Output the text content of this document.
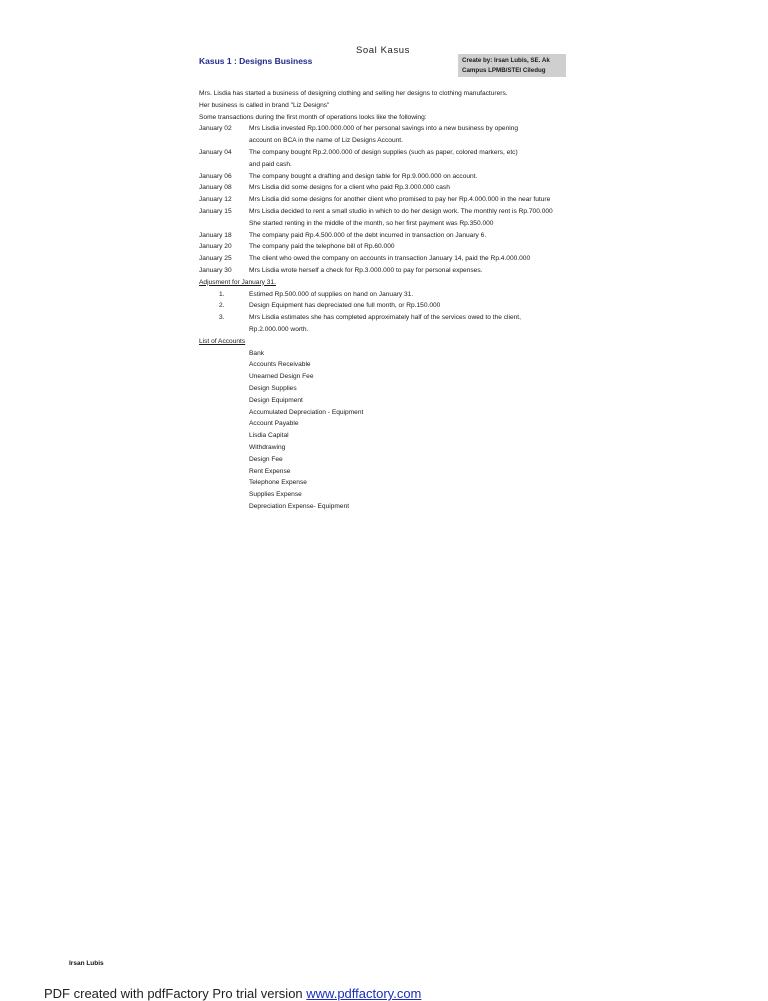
Soal Kasus
Kasus 1 : Designs Business	Create by: Irsan Lubis, SE. Ak
Campus LPMB/STEI Ciledug
Mrs. Lisdia has started a business of designing clothing and selling her designs to clothing manufacturers.
Her business is called in brand "Liz Designs"
Some transactions during the first month of operations looks like the following:
January 02	Mrs Lisdia invested Rp.100.000.000 of her personal savings into a new business by opening
account on BCA in the name of Liz Designs Account.
January 04	The company bought Rp.2.000.000 of design supplies (such as paper, colored markers, etc)
and paid cash.
January 06	The company bought a drafting and design table for Rp.9.000.000 on account.
January 08	Mrs Lisdia did some designs for a client who paid Rp.3.000.000 cash
January 12	Mrs Lisdia did some designs for another client who promised to pay her Rp.4.000.000 in the near future
January 15	Mrs Lisdia decided to rent a small studio in which to do her design work. The monthly rent is Rp.700.000
She started renting in the middle of the month, so her first payment was Rp.350.000
January 18	The company paid Rp.4.500.000 of the debt incurred in transaction on January 6.
January 20	The company paid the telephone bill of Rp.60.000
January 25	The client who owed the company on accounts in transaction January 14, paid the Rp.4.000.000
January 30	Mrs Lisdia wrote herself a check for Rp.3.000.000 to pay for personal expenses.
Adjusment for January 31.
1.	Estimed Rp.500.000 of supplies on hand on January 31.
2.	Design Equipment has depreciated one full month, or Rp.150.000
3.	Mrs Lisdia estimates she has completed approximately half of the services owed to the client,
Rp.2.000.000 worth.
List of Accounts
Bank
Accounts Receivable
Unearned Design Fee
Design Supplies
Design Equipment
Accumulated Depreciation - Equipment
Account Payable
Lisdia Capital
Withdrawing
Design Fee
Rent Expense
Telephone Expense
Supplies Expense
Depreciation Expense- Equipment
Irsan Lubis
PDF created with pdfFactory Pro trial version www.pdffactory.com
